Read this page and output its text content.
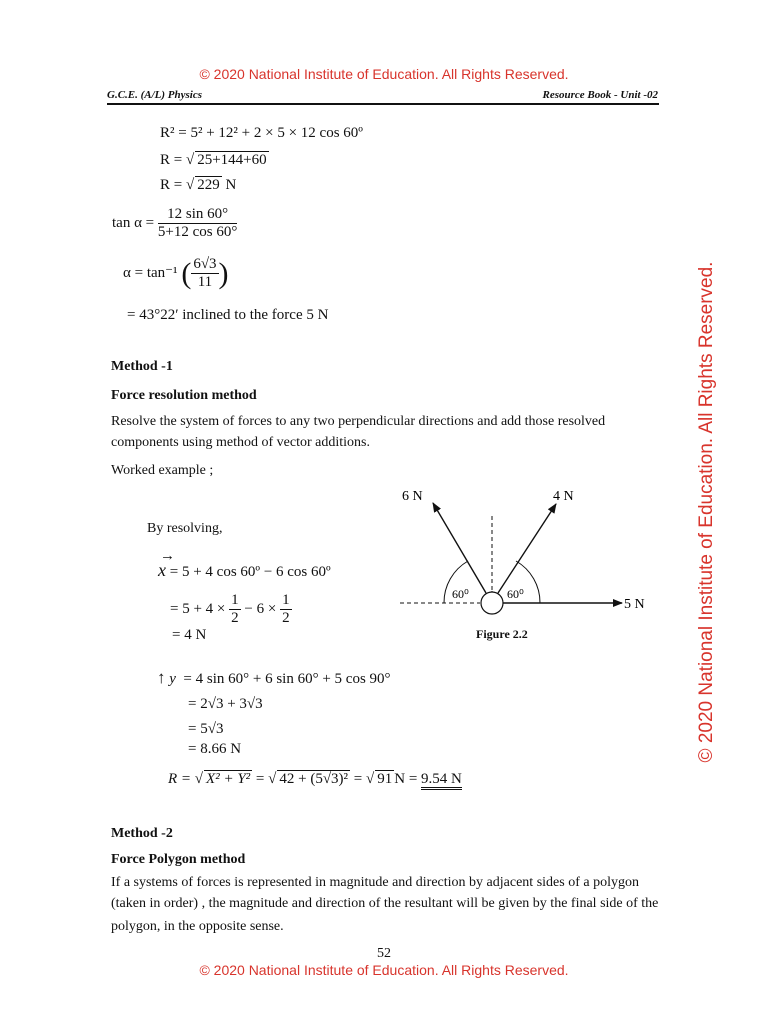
© 2020 National Institute of Education. All Rights Reserved.
© 2020 National Institute of Education. All Rights Reserved.
G.C.E. (A/L) Physics	Resource Book - Unit -02
R² = 5² + 12² + 2 × 5 × 12 cos 60º
R = √ 25+144+60
R = √ 229 N
$\tan \alpha = \frac{12 \sin 60^\circ}{5+12 \cos 60^\circ}$
α = tan⁻¹ ( $\frac{6√3}{11}$ )
= 43°22′ inclined to the force 5 N
Method -1
Force resolution method
Resolve the system of forces to any two perpendicular directions and add those resolved
components using method of vector additions.
Worked example ;
By resolving,
→
x = 5 + 4 cos 60º − 6 cos 60º
= $5 + 4 \times \frac{1}{2} - 6 \times \frac{1}{2}$
= 4 N
↑ y = 4 sin 60° + 6 sin 60° + 5 cos 90°
= 2√3 + 3√3
= 5√3
= 8.66 N
R = √ X² + Y² = √ 42 + (5√3)² = √ 91 N = 9.54 N
6 N	4 N
5 N
60⁰	60⁰
Figure 2.2
Method -2
Force Polygon method
If a systems of forces is represented in magnitude and direction by adjacent sides of a polygon
(taken in order) , the magnitude and direction of the resultant will be given by the final side of the
polygon, in the opposite sense.
52
© 2020 National Institute of Education. All Rights Reserved.
